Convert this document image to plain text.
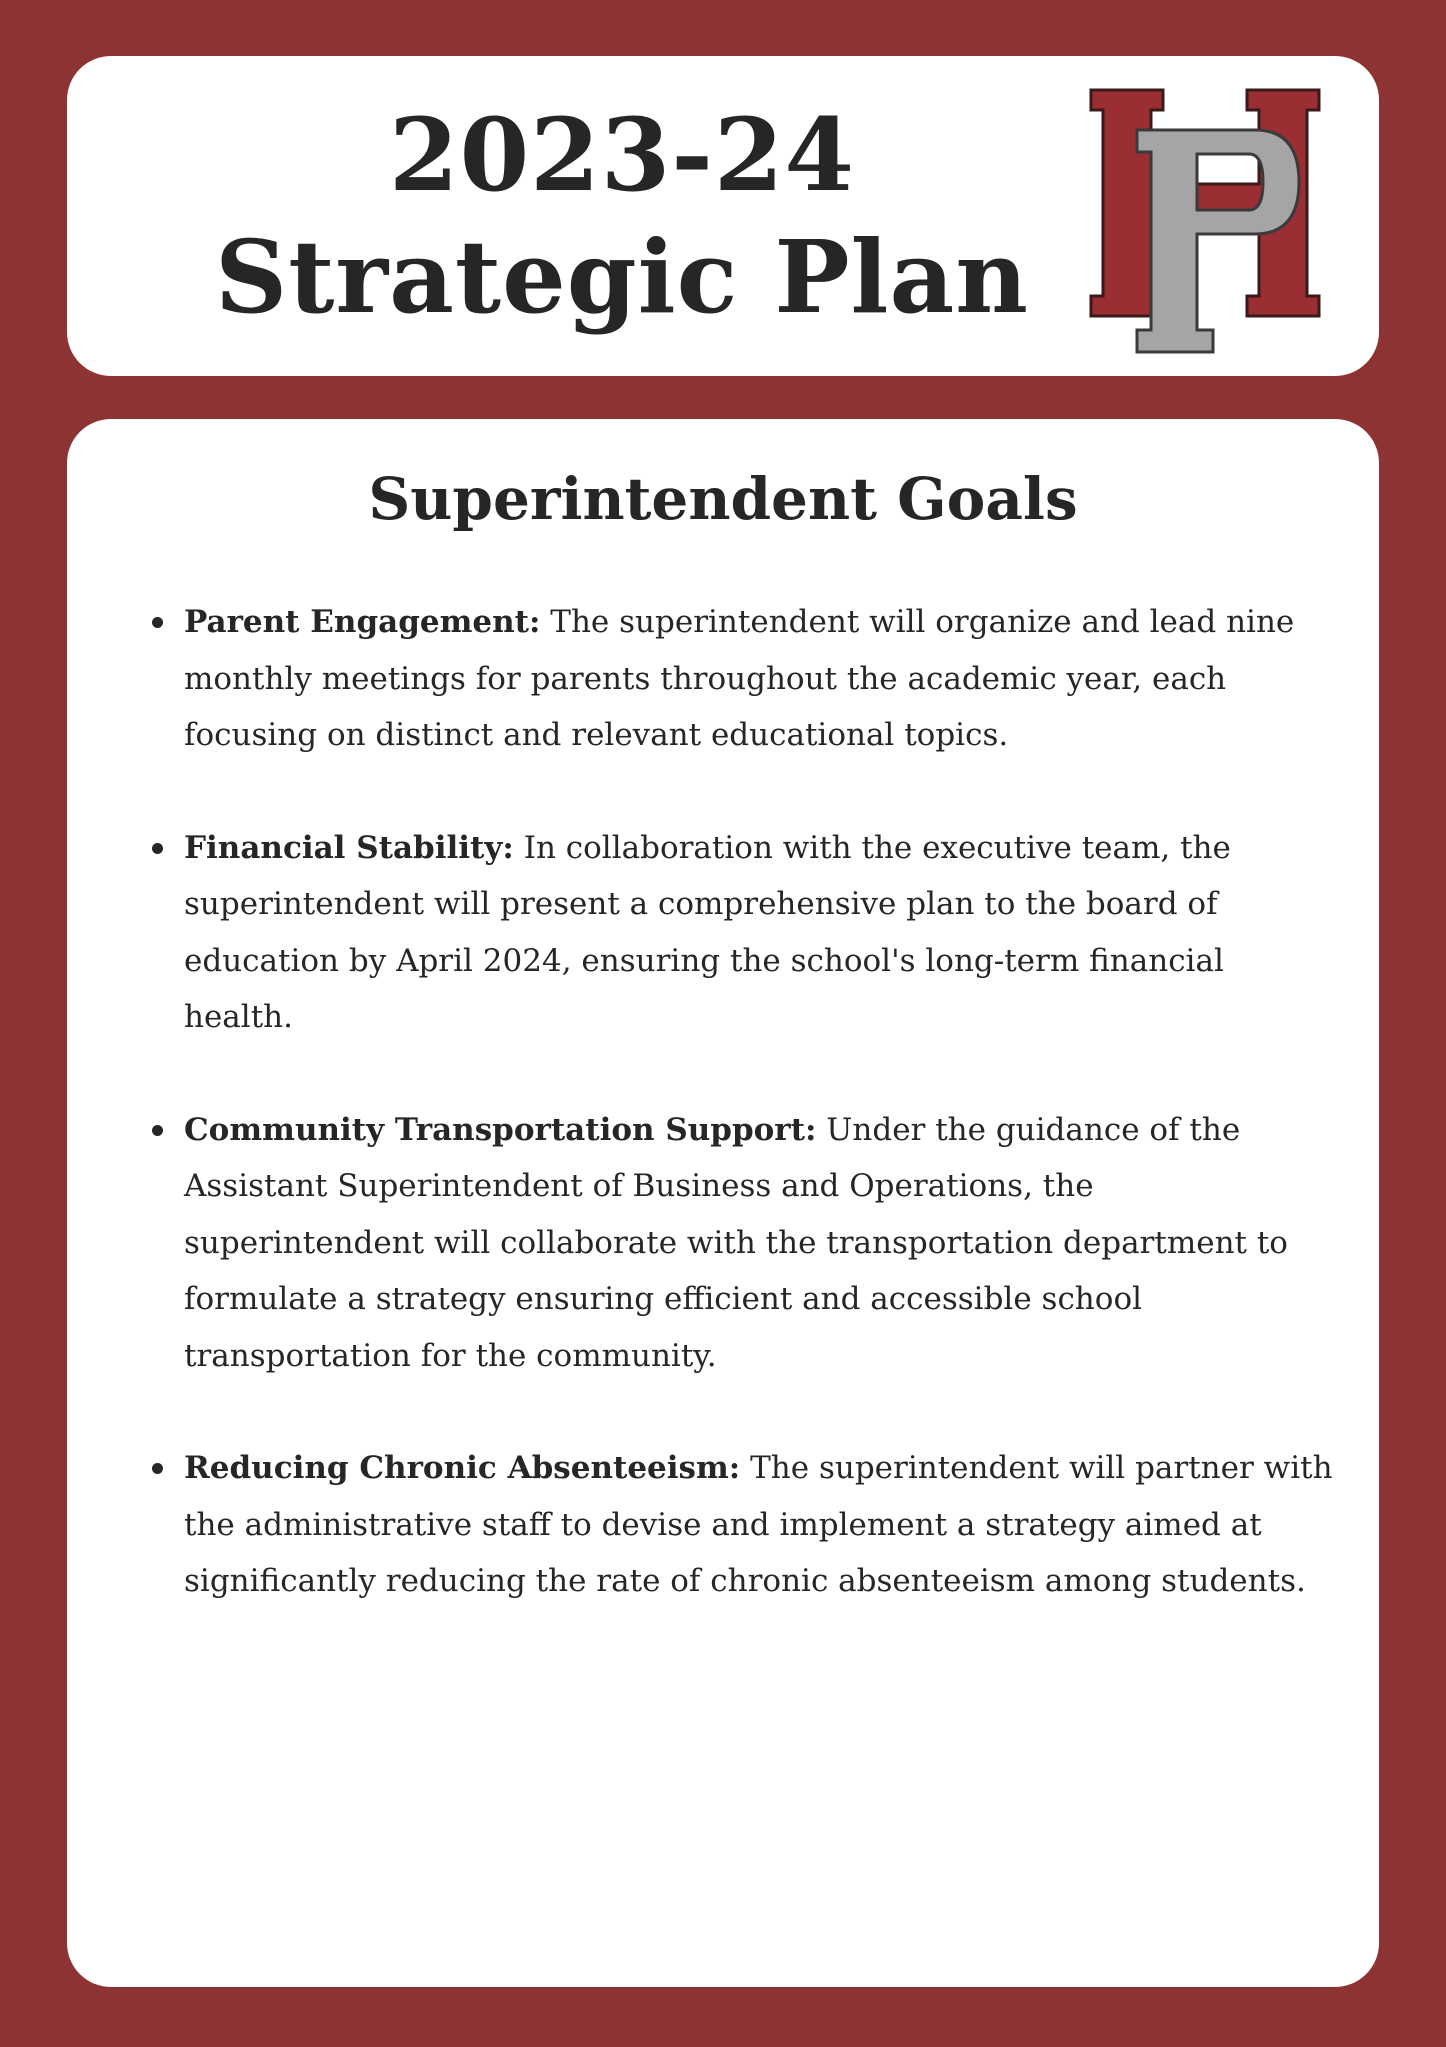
2023-24
Strategic Plan
Superintendent Goals
Parent Engagement: The superintendent will organize and lead nine monthly meetings for parents throughout the academic year, each focusing on distinct and relevant educational topics.
Financial Stability: In collaboration with the executive team, the superintendent will present a comprehensive plan to the board of education by April 2024, ensuring the school's long-term financial health.
Community Transportation Support: Under the guidance of the Assistant Superintendent of Business and Operations, the superintendent will collaborate with the transportation department to formulate a strategy ensuring efficient and accessible school transportation for the community.
Reducing Chronic Absenteeism: The superintendent will partner with the administrative staff to devise and implement a strategy aimed at significantly reducing the rate of chronic absenteeism among students.
